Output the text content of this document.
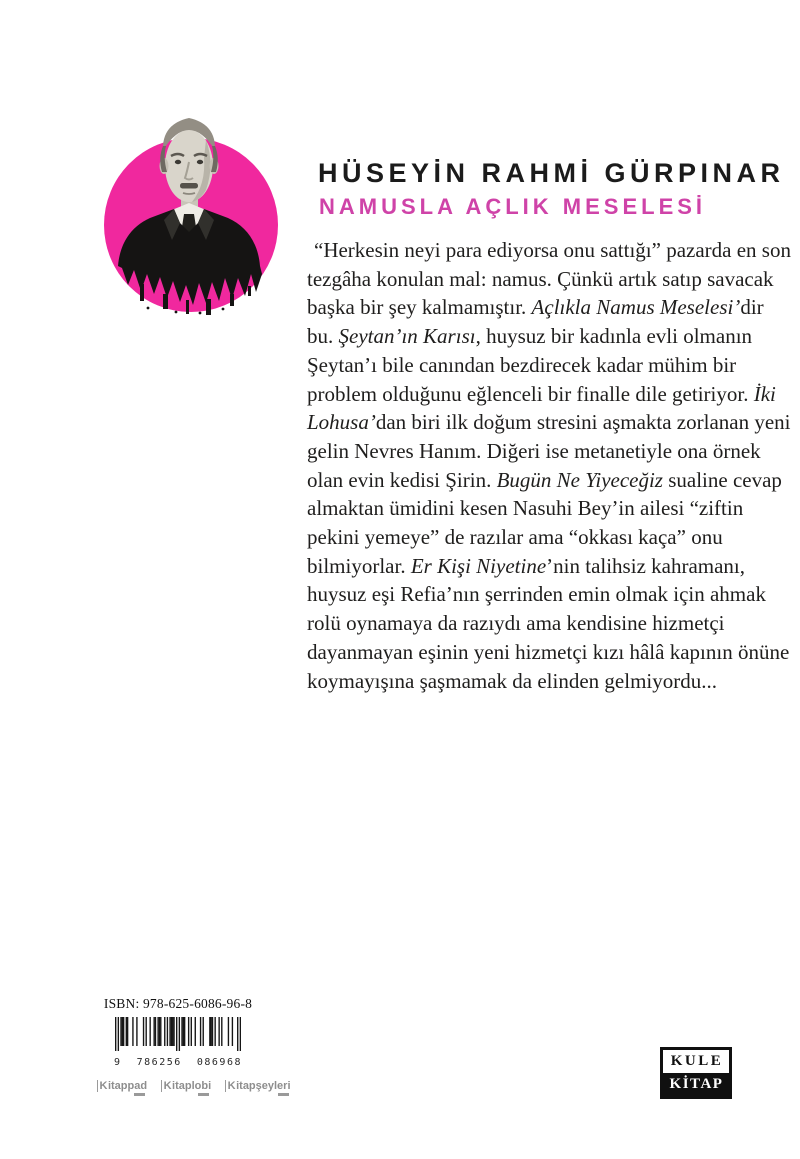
HÜSEYİN RAHMİ GÜRPINAR
NAMUSLA AÇLIK MESELESİ
“Herkesin neyi para ediyorsa onu sattığı” pazarda en son tezgâha konulan mal: namus. Çünkü artık satıp savacak başka bir şey kalmamıştır. Açlıkla Namus Meselesi’dir bu. Şeytan’ın Karısı, huysuz bir kadınla evli olmanın Şeytan’ı bile canından bezdirecek kadar mühim bir problem olduğunu eğlenceli bir finalle dile getiriyor. İki Lohusa’dan biri ilk doğum stresini aşmakta zorlanan yeni gelin Nevres Hanım. Diğeri ise metanetiyle ona örnek olan evin kedisi Şirin. Bugün Ne Yiyeceğiz sualine cevap almaktan ümidini kesen Nasuhi Bey’in ailesi “ziftin pekini yemeye” de razılar ama “okkası kaça” onu bilmiyorlar. Er Kişi Niyetine’nin talihsiz kahramanı, huysuz eşi Refia’nın şerrinden emin olmak için ahmak rolü oynamaya da razıydı ama kendisine hizmetçi dayanmayan eşinin yeni hizmetçi kızı hâlâ kapının önüne koymayışına şaşmamak da elinden gelmiyordu...
ISBN: 978-625-6086-96-8
9 786256 086968
Kitappad Kitaplobi Kitapşeyleri
KULE
KİTAP
